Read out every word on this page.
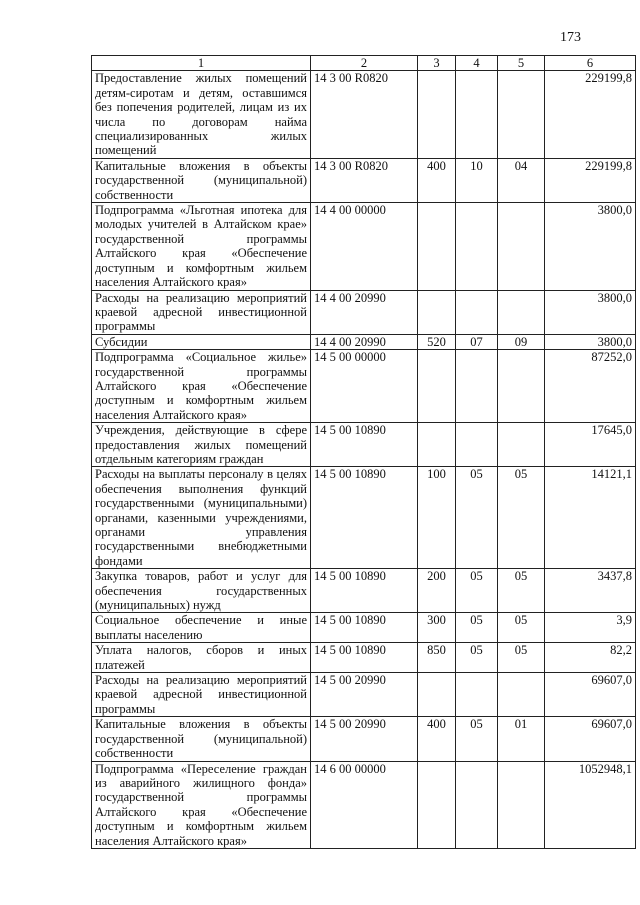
173
1	2	3	4	5	6
Предоставление жилых помещений детям-сиротам и детям, оставшимся без попечения родителей, лицам из их числа по договорам найма специализированных жилых помещений	14 3 00 R0820				229199,8
Капитальные вложения в объекты государственной (муниципальной) собственности	14 3 00 R0820	400	10	04	229199,8
Подпрограмма «Льготная ипотека для молодых учителей в Алтайском крае» государственной программы Алтайского края «Обеспечение доступным и комфортным жильем населения Алтайского края»	14 4 00 00000				3800,0
Расходы на реализацию мероприятий краевой адресной инвестиционной программы	14 4 00 20990				3800,0
Субсидии	14 4 00 20990	520	07	09	3800,0
Подпрограмма «Социальное жилье» государственной программы Алтайского края «Обеспечение доступным и комфортным жильем населения Алтайского края»	14 5 00 00000				87252,0
Учреждения, действующие в сфере предоставления жилых помещений отдельным категориям граждан	14 5 00 10890				17645,0
Расходы на выплаты персоналу в целях обеспечения выполнения функций государственными (муниципальными) органами, казенными учреждениями, органами управления государственными внебюджетными фондами	14 5 00 10890	100	05	05	14121,1
Закупка товаров, работ и услуг для обеспечения государственных (муниципальных) нужд	14 5 00 10890	200	05	05	3437,8
Социальное обеспечение и иные выплаты населению	14 5 00 10890	300	05	05	3,9
Уплата налогов, сборов и иных платежей	14 5 00 10890	850	05	05	82,2
Расходы на реализацию мероприятий краевой адресной инвестиционной программы	14 5 00 20990				69607,0
Капитальные вложения в объекты государственной (муниципальной) собственности	14 5 00 20990	400	05	01	69607,0
Подпрограмма «Переселение граждан из аварийного жилищного фонда» государственной программы Алтайского края «Обеспечение доступным и комфортным жильем населения Алтайского края»	14 6 00 00000				1052948,1
